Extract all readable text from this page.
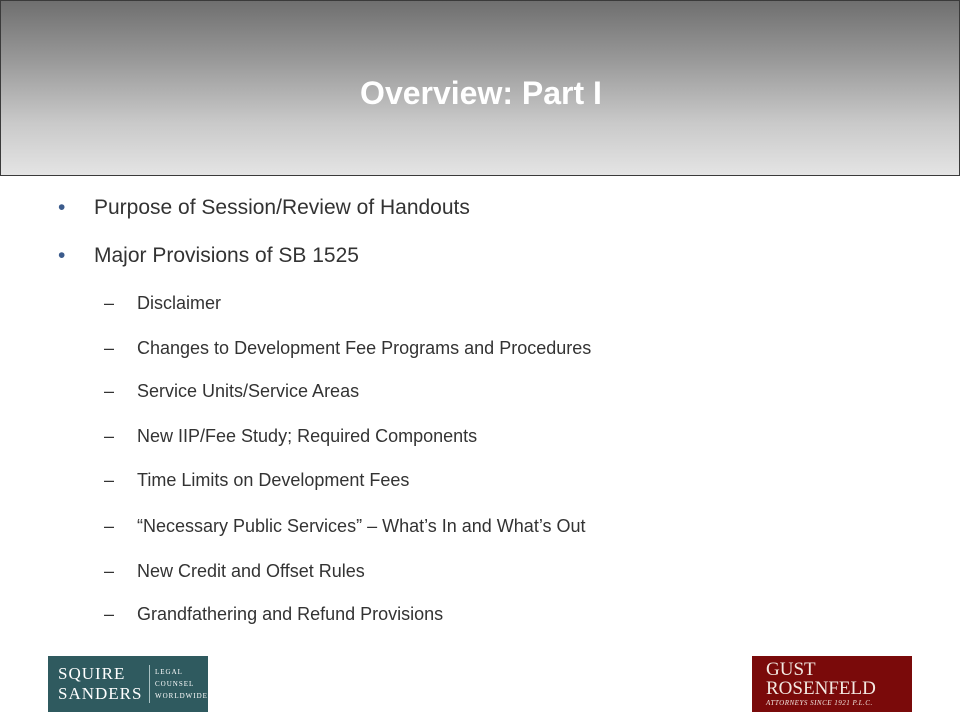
Overview: Part I
• Purpose of Session/Review of Handouts
• Major Provisions of SB 1525
– Disclaimer
– Changes to Development Fee Programs and Procedures
– Service Units/Service Areas
– New IIP/Fee Study; Required Components
– Time Limits on Development Fees
– “Necessary Public Services” – What’s In and What’s Out
– New Credit and Offset Rules
– Grandfathering and Refund Provisions
SQUIRE
SANDERS
LEGAL
COUNSEL
WORLDWIDE
GUST
ROSENFELD
ATTORNEYS SINCE 1921 P.L.C.
